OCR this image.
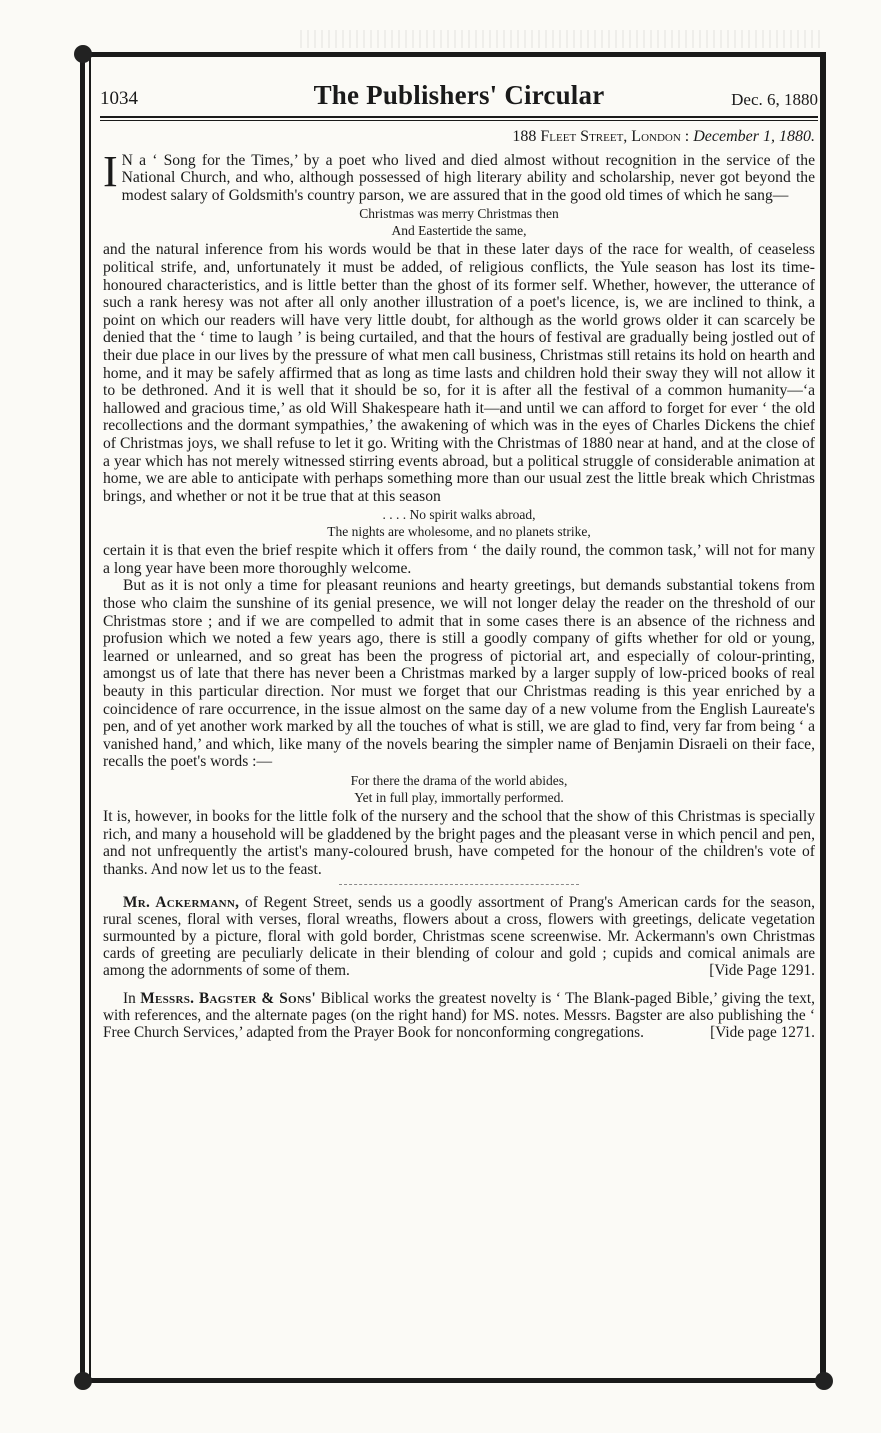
1034	The Publishers' Circular	Dec. 6, 1880
188 Fleet Street, London : December 1, 1880.

I N a ‘ Song for the Times,’ by a poet who lived and died almost without recognition in the service of the National Church, and who, although possessed of high literary ability and scholarship, never got beyond the modest salary of Goldsmith's country parson, we are assured that in the good old times of which he sang—

Christmas was merry Christmas then
And Eastertide the same,

and the natural inference from his words would be that in these later days of the race for wealth, of ceaseless political strife, and, unfortunately it must be added, of religious conflicts, the Yule season has lost its time-honoured characteristics, and is little better than the ghost of its former self. Whether, however, the utterance of such a rank heresy was not after all only another illustration of a poet's licence, is, we are inclined to think, a point on which our readers will have very little doubt, for although as the world grows older it can scarcely be denied that the ‘ time to laugh ’ is being curtailed, and that the hours of festival are gradually being jostled out of their due place in our lives by the pressure of what men call business, Christmas still retains its hold on hearth and home, and it may be safely affirmed that as long as time lasts and children hold their sway they will not allow it to be dethroned. And it is well that it should be so, for it is after all the festival of a common humanity—‘a hallowed and gracious time,’ as old Will Shakespeare hath it—and until we can afford to forget for ever ‘ the old recollections and the dormant sympathies,’ the awakening of which was in the eyes of Charles Dickens the chief of Christmas joys, we shall refuse to let it go. Writing with the Christmas of 1880 near at hand, and at the close of a year which has not merely witnessed stirring events abroad, but a political struggle of considerable animation at home, we are able to anticipate with perhaps something more than our usual zest the little break which Christmas brings, and whether or not it be true that at this season

. . . . No spirit walks abroad,
The nights are wholesome, and no planets strike,

certain it is that even the brief respite which it offers from ‘ the daily round, the common task,’ will not for many a long year have been more thoroughly welcome.

But as it is not only a time for pleasant reunions and hearty greetings, but demands substantial tokens from those who claim the sunshine of its genial presence, we will not longer delay the reader on the threshold of our Christmas store ; and if we are compelled to admit that in some cases there is an absence of the richness and profusion which we noted a few years ago, there is still a goodly company of gifts whether for old or young, learned or unlearned, and so great has been the progress of pictorial art, and especially of colour-printing, amongst us of late that there has never been a Christmas marked by a larger supply of low-priced books of real beauty in this particular direction. Nor must we forget that our Christmas reading is this year enriched by a coincidence of rare occurrence, in the issue almost on the same day of a new volume from the English Laureate's pen, and of yet another work marked by all the touches of what is still, we are glad to find, very far from being ‘ a vanished hand,’ and which, like many of the novels bearing the simpler name of Benjamin Disraeli on their face, recalls the poet's words :—

For there the drama of the world abides,
Yet in full play, immortally performed.

It is, however, in books for the little folk of the nursery and the school that the show of this Christmas is specially rich, and many a household will be gladdened by the bright pages and the pleasant verse in which pencil and pen, and not unfrequently the artist's many-coloured brush, have competed for the honour of the children's vote of thanks. And now let us to the feast.

Mr. Ackermann, of Regent Street, sends us a goodly assortment of Prang's American cards for the season, rural scenes, floral with verses, floral wreaths, flowers about a cross, flowers with greetings, delicate vegetation surmounted by a picture, floral with gold border, Christmas scene screenwise. Mr. Ackermann's own Christmas cards of greeting are peculiarly delicate in their blending of colour and gold ; cupids and comical animals are among the adornments of some of them.	[Vide Page 1291.

In Messrs. Bagster & Sons' Biblical works the greatest novelty is ‘ The Blank-paged Bible,’ giving the text, with references, and the alternate pages (on the right hand) for MS. notes. Messrs. Bagster are also publishing the ‘ Free Church Services,’ adapted from the Prayer Book for nonconforming congregations.	[Vide page 1271.
